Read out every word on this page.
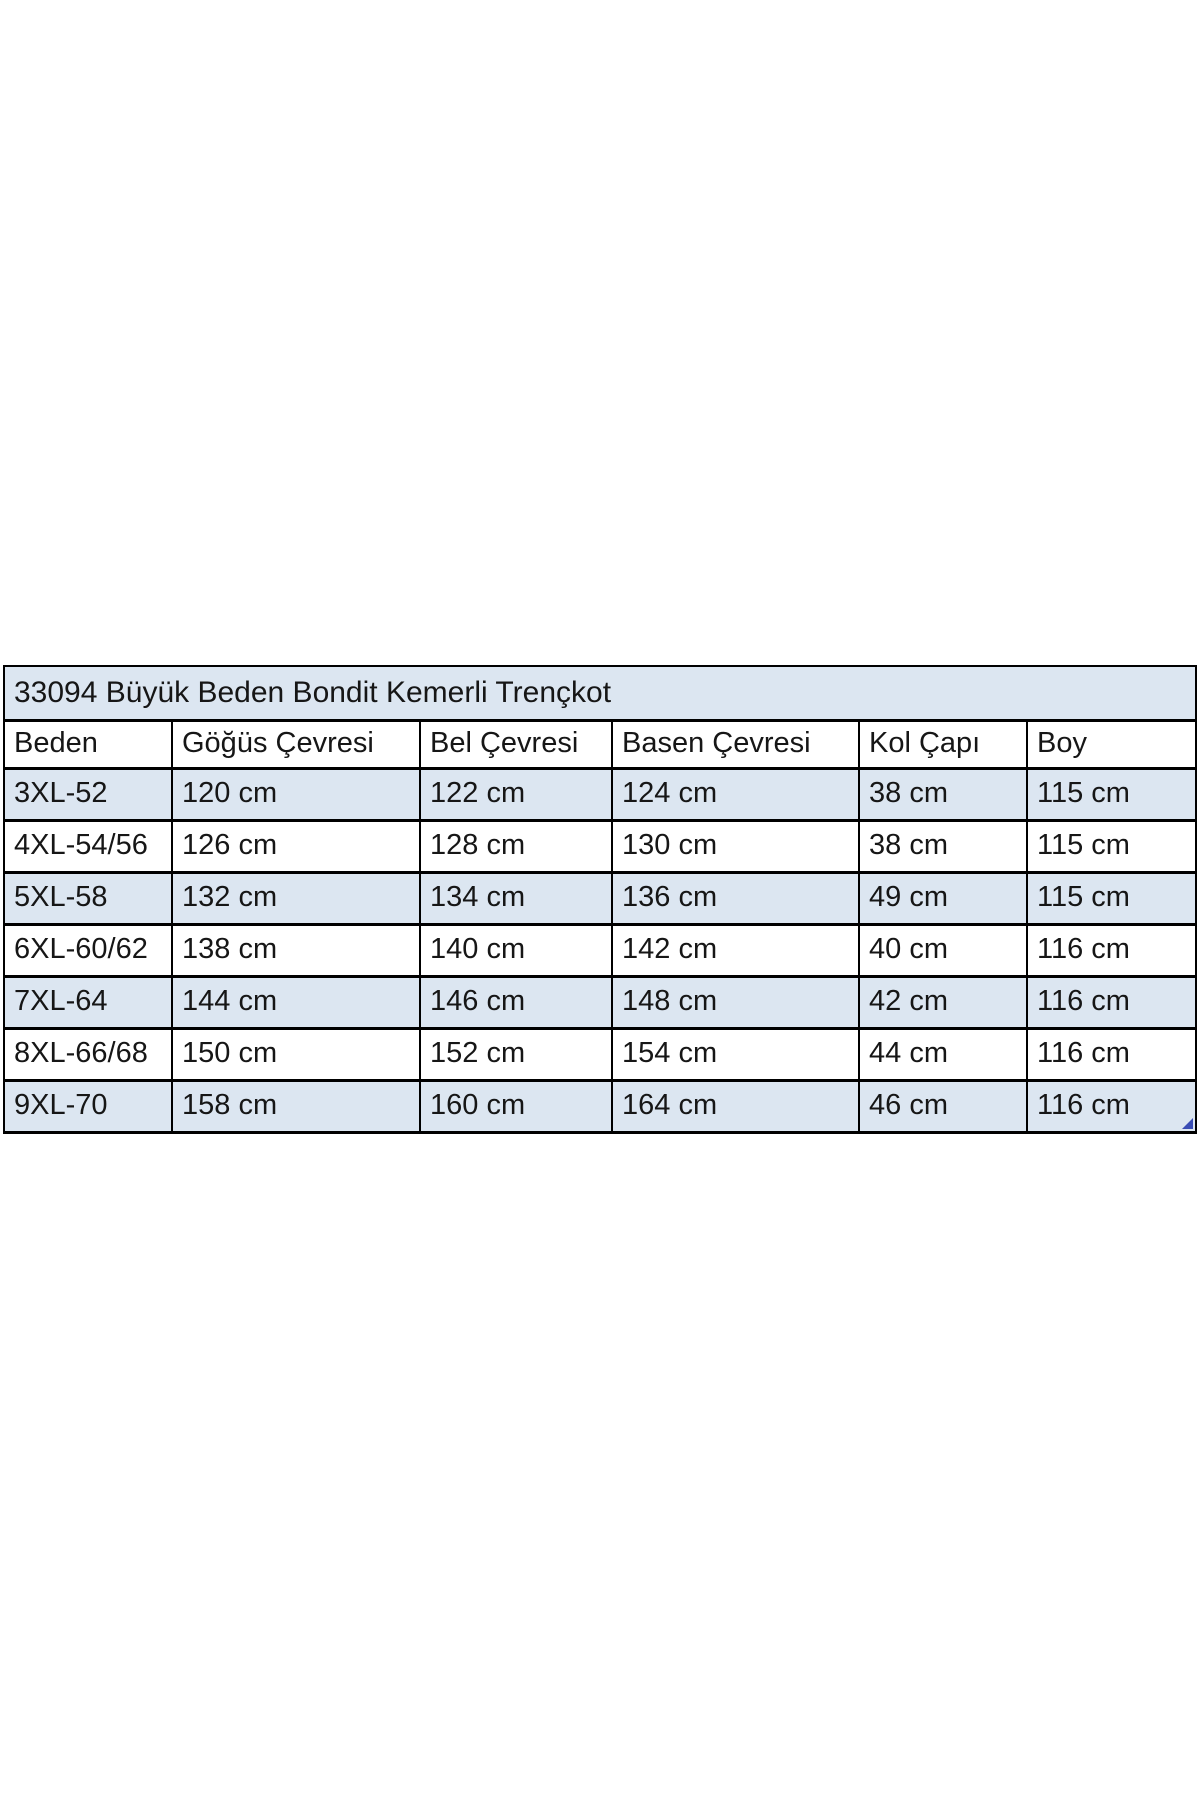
33094 Büyük Beden Bondit Kemerli Trençkot					
Beden	Göğüs Çevresi	Bel Çevresi	Basen Çevresi	Kol Çapı	Boy
3XL-52	120 cm	122 cm	124 cm	38 cm	115 cm
4XL-54/56	126 cm	128 cm	130 cm	38 cm	115 cm
5XL-58	132 cm	134 cm	136 cm	49 cm	115 cm
6XL-60/62	138 cm	140 cm	142 cm	40 cm	116 cm
7XL-64	144 cm	146 cm	148 cm	42 cm	116 cm
8XL-66/68	150 cm	152 cm	154 cm	44 cm	116 cm
9XL-70	158 cm	160 cm	164 cm	46 cm	116 cm
